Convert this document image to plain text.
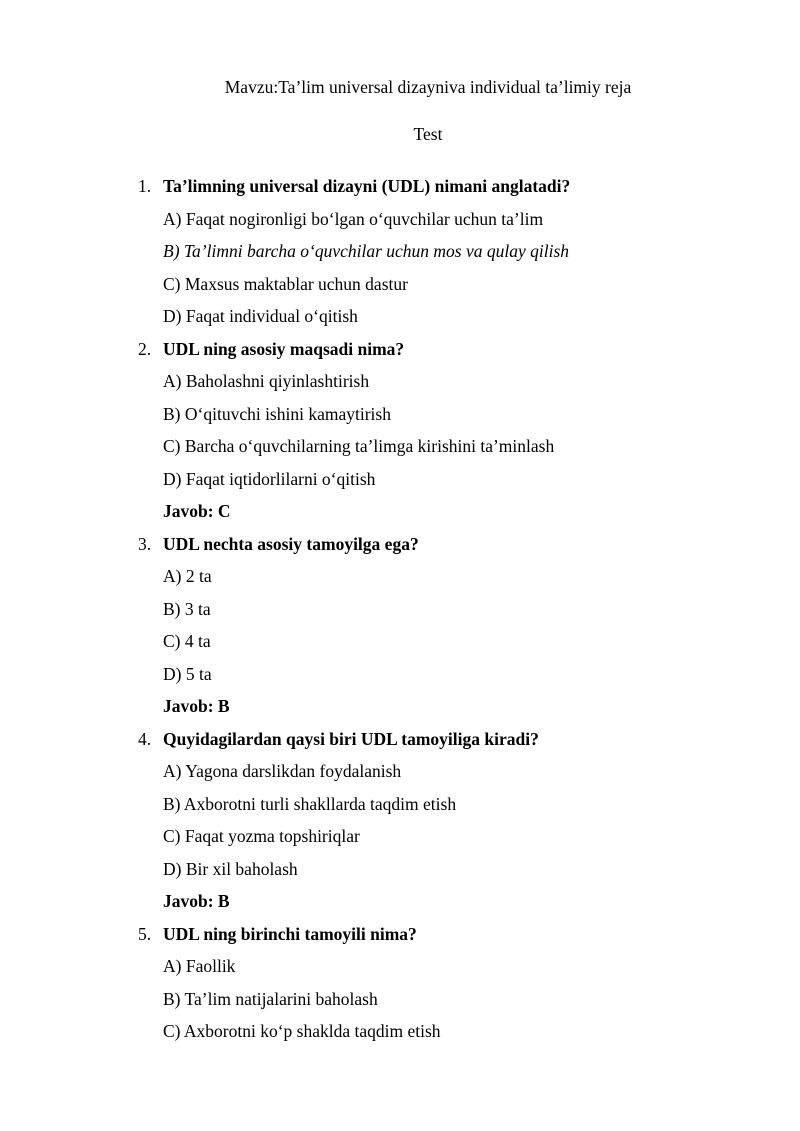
Mavzu:Ta’lim universal dizayniva individual ta’limiy reja
Test
1. Ta’limning universal dizayni (UDL) nimani anglatadi?
A) Faqat nogironligi bo‘lgan o‘quvchilar uchun ta’lim
B) Ta’limni barcha o‘quvchilar uchun mos va qulay qilish
C) Maxsus maktablar uchun dastur
D) Faqat individual o‘qitish
2. UDL ning asosiy maqsadi nima?
A) Baholashni qiyinlashtirish
B) O‘qituvchi ishini kamaytirish
C) Barcha o‘quvchilarning ta’limga kirishini ta’minlash
D) Faqat iqtidorlilarni o‘qitish
Javob: C
3. UDL nechta asosiy tamoyilga ega?
A) 2 ta
B) 3 ta
C) 4 ta
D) 5 ta
Javob: B
4. Quyidagilardan qaysi biri UDL tamoyiliga kiradi?
A) Yagona darslikdan foydalanish
B) Axborotni turli shakllarda taqdim etish
C) Faqat yozma topshiriqlar
D) Bir xil baholash
Javob: B
5. UDL ning birinchi tamoyili nima?
A) Faollik
B) Ta’lim natijalarini baholash
C) Axborotni ko‘p shaklda taqdim etish
